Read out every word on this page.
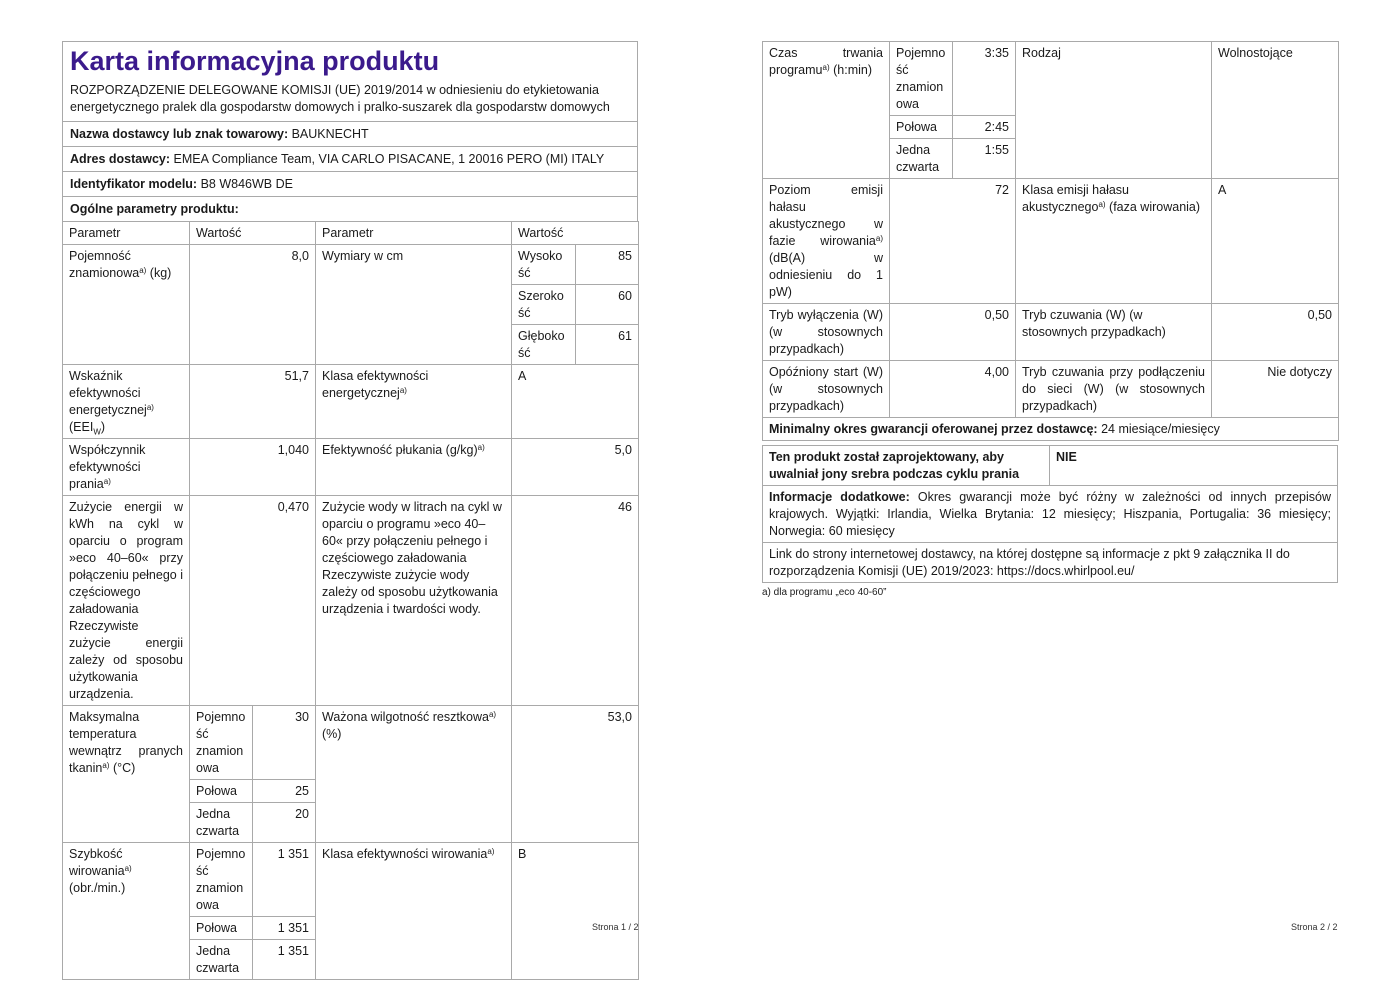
Karta informacyjna produktu
ROZPORZĄDZENIE DELEGOWANE KOMISJI (UE) 2019/2014 w odniesieniu do etykietowania energetycznego pralek dla gospodarstw domowych i pralko-suszarek dla gospodarstw domowych
Nazwa dostawcy lub znak towarowy: BAUKNECHT
Adres dostawcy: EMEA Compliance Team, VIA CARLO PISACANE, 1 20016 PERO (MI) ITALY
Identyfikator modelu: B8 W846WB DE
Ogólne parametry produktu:
Parametr	Wartość	Parametr	Wartość
Pojemność znamionowa$^{a)}$ (kg)	8,0	Wymiary w cm		Wysokość	85
Szerokość	60
Głębokość	61

Wskaźnik efektywności energetycznej$^{a)}$ $(EEI_W)$	51,7	Klasa efektywności energetycznej$^{a)}$	A
Współczynnik efektywności prania$^{a)}$	1,040	Efektywność płukania $(g/kg)^{a)}$	5,0
Zużycie energii w kWh na cykl w oparciu o program »eco 40–60« przy połączeniu pełnego i częściowego załadowania Rzeczywiste zużycie energii zależy od sposobu użytkowania urządzenia.	0,470	Zużycie wody w litrach na cykl w oparciu o programu »eco 40–60« przy połączeniu pełnego i częściowego załadowania Rzeczywiste zużycie wody zależy od sposobu użytkowania urządzenia i twardości wody.	46
Maksymalna temperatura wewnątrz pranych tkanin$^{a)}$ (°C)	Pojemność znamionowa	30	Ważona wilgotność resztkowa$^{a)}$ (%)	53,0
Połowa	25
Jedna czwarta	20
Szybkość wirowania$^{a)}$ (obr./min.)	Pojemność znamionowa	1 351	Klasa efektywności wirowania$^{a)}$	B
Połowa	1 351
Jedna czwarta	1 351
Strona 1 / 2
Czas trwania programu$^{a)}$ (h:min)	Pojemność znamionowa	3:35	Rodzaj	Wolnostojące
	Połowa	2:45		
	Jedna czwarta	1:55		
Poziom emisji hałasu akustycznego w fazie wirowania$^{a)}$ (dB(A) w odniesieniu do 1 pW)	72		Klasa emisji hałasu akustycznego$^{a)}$ (faza wirowania)	A
Tryb wyłączenia (W) (w stosownych przypadkach)	0,50		Tryb czuwania (W) (w stosownych przypadkach)	0,50
Opóźniony start (W) (w stosownych przypadkach)	4,00		Tryb czuwania przy podłączeniu do sieci (W) (w stosownych przypadkach)	Nie dotyczy
Minimalny okres gwarancji oferowanej przez dostawcę: 24 miesiące/miesięcy				
Ten produkt został zaprojektowany, aby uwalniał jony srebra podczas cyklu prania	NIE
Informacje dodatkowe: Okres gwarancji może być różny w zależności od innych przepisów krajowych. Wyjątki: Irlandia, Wielka Brytania: 12 miesięcy; Hiszpania, Portugalia: 36 miesięcy; Norwegia: 60 miesięcy
Link do strony internetowej dostawcy, na której dostępne są informacje z pkt 9 załącznika II do rozporządzenia Komisji (UE) 2019/2023: https://docs.whirlpool.eu/
a) dla programu „eco 40-60”
Strona 2 / 2
